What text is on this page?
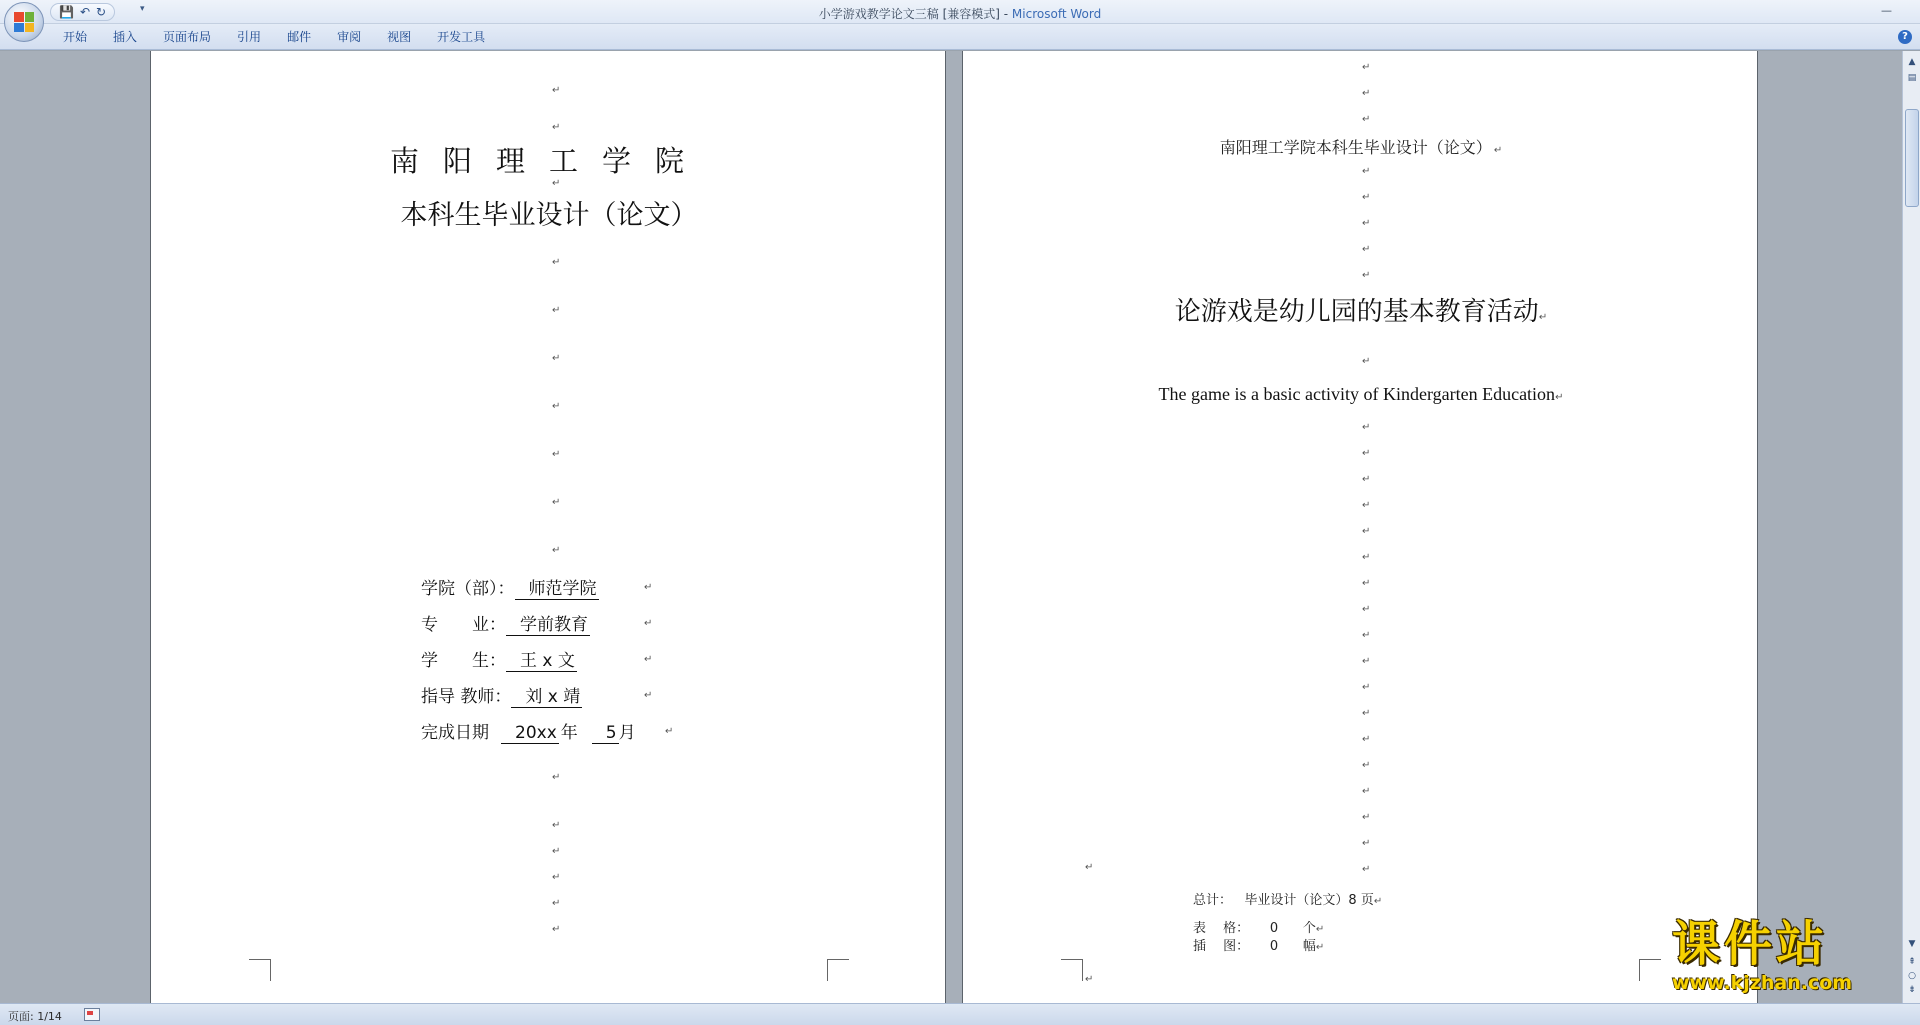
💾 ↶ ↻	▾	小学游戏教学论文三稿 [兼容模式] - Microsoft Word	—
开始	插入	页面布局	引用	邮件	审阅	视图	开发工具	?
↵
↵
南阳理工学院
↵
本科生毕业设计（论文）
↵
↵
↵
↵
↵
↵
↵
学院（部）： 师范学院	↵
专　　业： 学前教育	↵
学　　生： 王 x 文	↵
指导 教师： 刘 x 靖	↵
完成日期 20xx 年 5 月	↵
↵
↵
↵
↵
↵
↵
↵
↵
↵
南阳理工学院本科生毕业设计（论文） ↵
↵
↵
↵
↵
↵
论游戏是幼儿园的基本教育活动↵
↵
The game is a basic activity of Kindergarten Education↵
↵
↵
↵
↵
↵
↵
↵
↵
↵
↵
↵
↵
↵
↵
↵
↵
↵
↵
↵
总计： 毕业设计（论文）8 页↵
表　 格： 0 个↵
插　 图： 0 幅↵
↵
课件站
www.kjzhan.com
▲
▤
▼
⇞
○
⇟
页面: 1/14
